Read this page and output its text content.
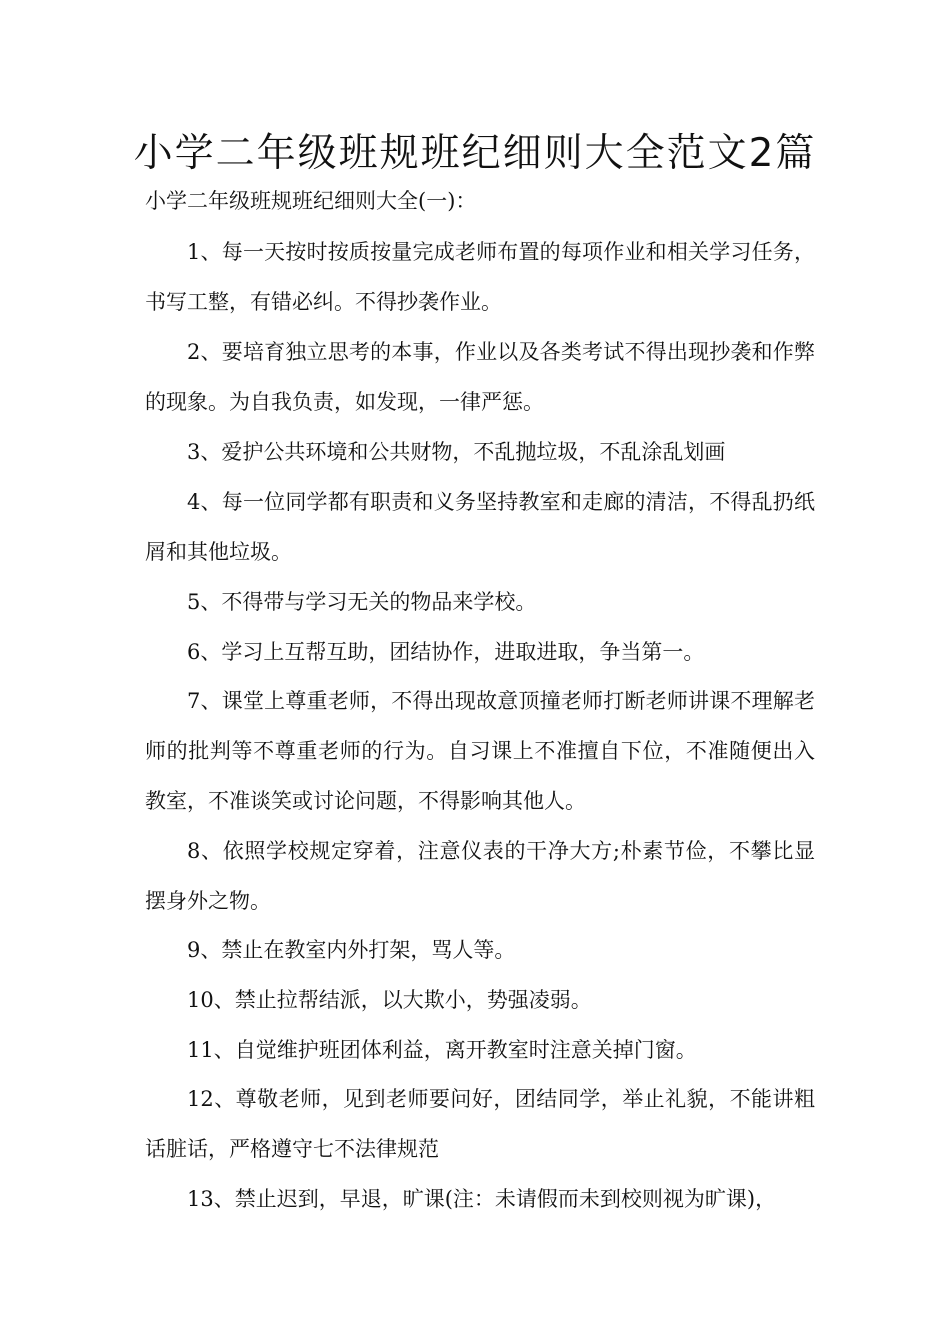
小学二年级班规班纪细则大全范文2篇
小学二年级班规班纪细则大全(一)：

1、每一天按时按质按量完成老师布置的每项作业和相关学习任务，书写工整，有错必纠。不得抄袭作业。

2、要培育独立思考的本事，作业以及各类考试不得出现抄袭和作弊的现象。为自我负责，如发现，一律严惩。

3、爱护公共环境和公共财物，不乱抛垃圾，不乱涂乱划画

4、每一位同学都有职责和义务坚持教室和走廊的清洁，不得乱扔纸屑和其他垃圾。

5、不得带与学习无关的物品来学校。

6、学习上互帮互助，团结协作，进取进取，争当第一。

7、课堂上尊重老师，不得出现故意顶撞老师打断老师讲课不理解老师的批判等不尊重老师的行为。自习课上不准擅自下位，不准随便出入教室，不准谈笑或讨论问题，不得影响其他人。

8、依照学校规定穿着，注意仪表的干净大方;朴素节俭，不攀比显摆身外之物。

9、禁止在教室内外打架，骂人等。

10、禁止拉帮结派，以大欺小，势强凌弱。

11、自觉维护班团体利益，离开教室时注意关掉门窗。

12、尊敬老师，见到老师要问好，团结同学，举止礼貌，不能讲粗话脏话，严格遵守七不法律规范

13、禁止迟到，早退，旷课(注：未请假而未到校则视为旷课)，
